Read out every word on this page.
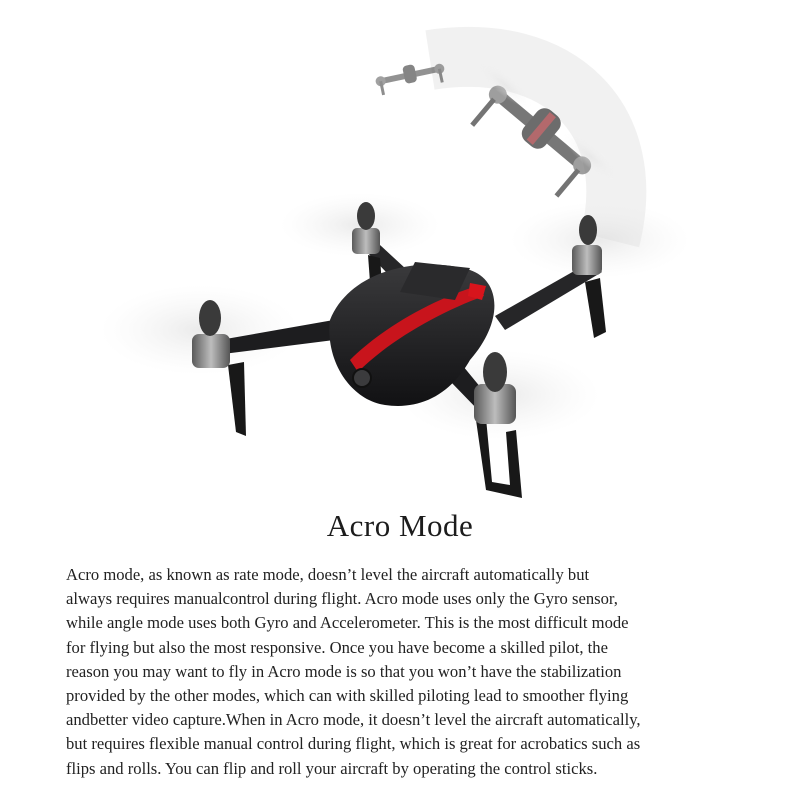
Acro Mode

Acro mode, as known as rate mode, doesn’t level the aircraft automatically but
always requires manualcontrol during flight. Acro mode uses only the Gyro sensor,
while angle mode uses both Gyro and Accelerometer. This is the most difficult mode
for flying but also the most responsive. Once you have become a skilled pilot, the
reason you may want to fly in Acro mode is so that you won’t have the stabilization
provided by the other modes, which can with skilled piloting lead to smoother flying
andbetter video capture.When in Acro mode, it doesn’t level the aircraft automatically,
but requires flexible manual control during flight, which is great for acrobatics such as
flips and rolls. You can flip and roll your aircraft by operating the control sticks.
